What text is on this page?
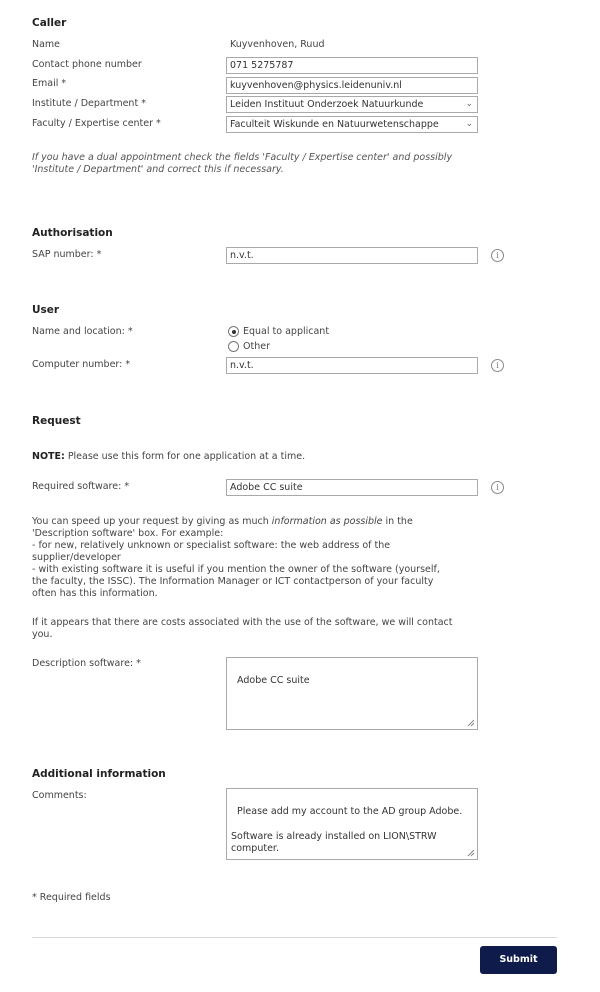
Caller
Name	Kuyvenhoven, Ruud
Contact phone number	071 5275787
Email *	kuyvenhoven@physics.leidenuniv.nl
Institute / Department *	Leiden Instituut Onderzoek Natuurkunde	⌄
Faculty / Expertise center *	Faculteit Wiskunde en Natuurwetenschappe	⌄
If you have a dual appointment check the fields 'Faculty / Expertise center' and possibly
'Institute / Department' and correct this if necessary.
Authorisation
SAP number: *	n.v.t.	i
User
Name and location: *	Equal to applicant
Other
Computer number: *	n.v.t.	i
Request
NOTE: Please use this form for one application at a time.
Required software: *	Adobe CC suite	i
You can speed up your request by giving as much information as possible in the
'Description software' box. For example:
- for new, relatively unknown or specialist software: the web address of the
supplier/developer
- with existing software it is useful if you mention the owner of the software (yourself,
the faculty, the ISSC). The Information Manager or ICT contactperson of your faculty
often has this information.
If it appears that there are costs associated with the use of the software, we will contact
you.
Description software: *

Adobe CC suite

Additional information
Comments:

Please add my account to the AD group Adobe.

Software is already installed on LION\STRW
computer.

* Required fields
Submit
